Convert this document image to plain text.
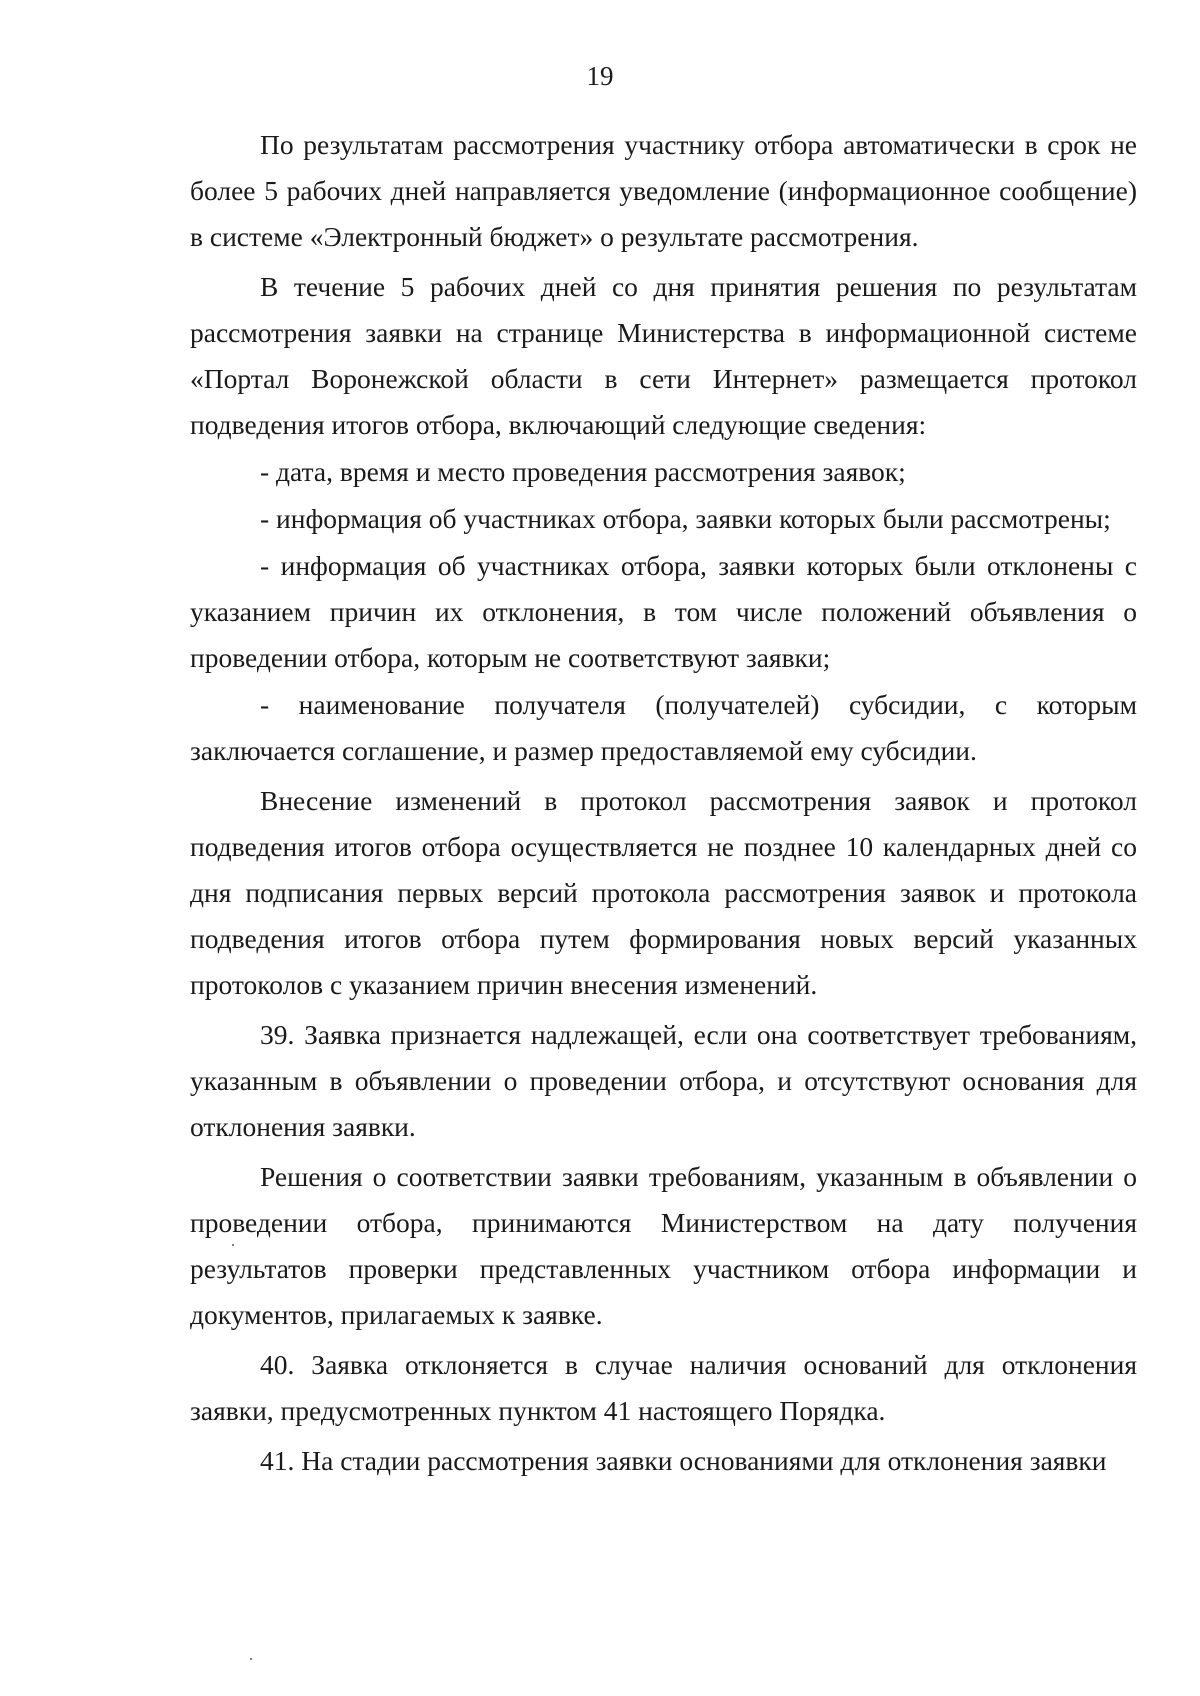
19

По результатам рассмотрения участнику отбора автоматически в срок не более 5 рабочих дней направляется уведомление (информационное сообщение) в системе «Электронный бюджет» о результате рассмотрения.

В течение 5 рабочих дней со дня принятия решения по результатам рассмотрения заявки на странице Министерства в информационной системе «Портал Воронежской области в сети Интернет» размещается протокол подведения итогов отбора, включающий следующие сведения:

- дата, время и место проведения рассмотрения заявок;

- информация об участниках отбора, заявки которых были рассмотрены;

- информация об участниках отбора, заявки которых были отклонены с указанием причин их отклонения, в том числе положений объявления о проведении отбора, которым не соответствуют заявки;

- наименование получателя (получателей) субсидии, с которым заключается соглашение, и размер предоставляемой ему субсидии.

Внесение изменений в протокол рассмотрения заявок и протокол подведения итогов отбора осуществляется не позднее 10 календарных дней со дня подписания первых версий протокола рассмотрения заявок и протокола подведения итогов отбора путем формирования новых версий указанных протоколов с указанием причин внесения изменений.

39. Заявка признается надлежащей, если она соответствует требованиям, указанным в объявлении о проведении отбора, и отсутствуют основания для отклонения заявки.

Решения о соответствии заявки требованиям, указанным в объявлении о проведении отбора, принимаются Министерством на дату получения результатов проверки представленных участником отбора информации и документов, прилагаемых к заявке.

40. Заявка отклоняется в случае наличия оснований для отклонения заявки, предусмотренных пунктом 41 настоящего Порядка.

41. На стадии рассмотрения заявки основаниями для отклонения заявки
